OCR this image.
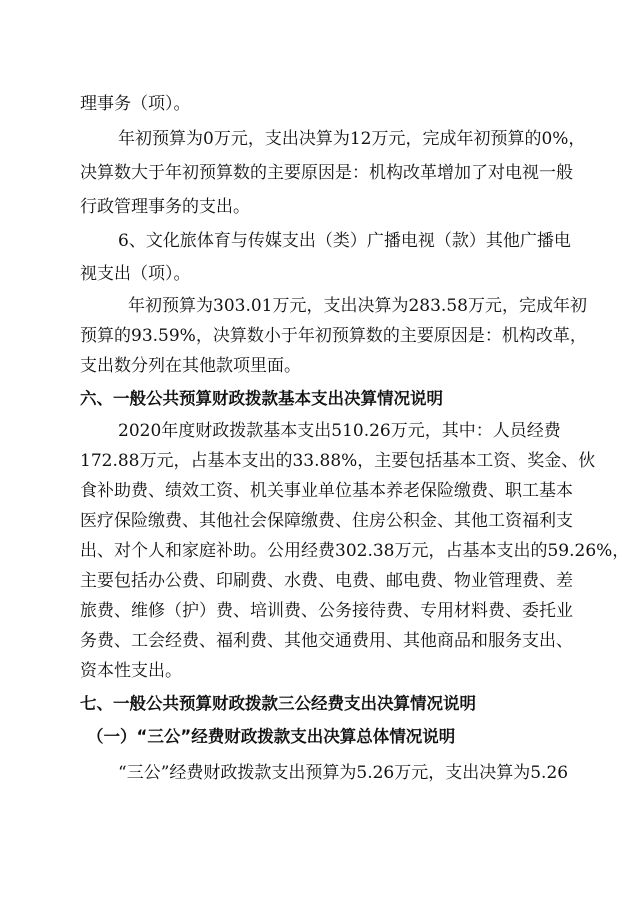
理事务（项）。
年初预算为0万元，支出决算为12万元，完成年初预算的0%，
决算数大于年初预算数的主要原因是：机构改革增加了对电视一般
行政管理事务的支出。
6、文化旅体育与传媒支出（类）广播电视（款）其他广播电
视支出（项）。
年初预算为303.01万元，支出决算为283.58万元，完成年初
预算的93.59%，决算数小于年初预算数的主要原因是：机构改革，
支出数分列在其他款项里面。
六、一般公共预算财政拨款基本支出决算情况说明
2020年度财政拨款基本支出510.26万元，其中：人员经费
172.88万元，占基本支出的33.88%，主要包括基本工资、奖金、伙
食补助费、绩效工资、机关事业单位基本养老保险缴费、职工基本
医疗保险缴费、其他社会保障缴费、住房公积金、其他工资福利支
出、对个人和家庭补助。公用经费302.38万元，占基本支出的59.26%，
主要包括办公费、印刷费、水费、电费、邮电费、物业管理费、差
旅费、维修（护）费、培训费、公务接待费、专用材料费、委托业
务费、工会经费、福利费、其他交通费用、其他商品和服务支出、
资本性支出。
七、一般公共预算财政拨款三公经费支出决算情况说明
（一）“三公”经费财政拨款支出决算总体情况说明
“三公”经费财政拨款支出预算为5.26万元，支出决算为5.26
